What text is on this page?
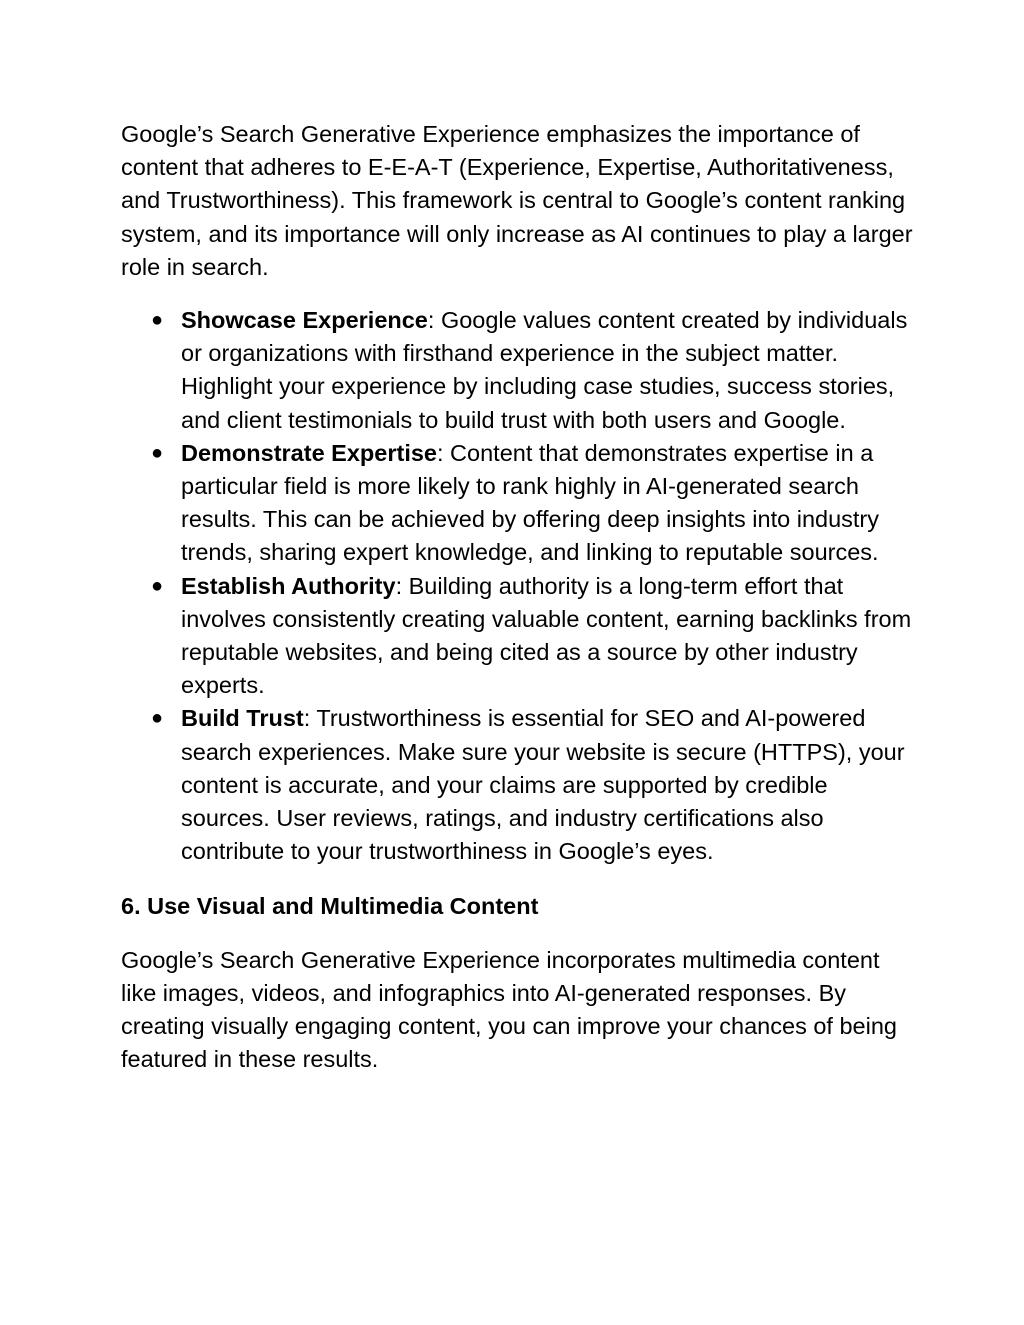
Google’s Search Generative Experience emphasizes the importance of content that adheres to E-E-A-T (Experience, Expertise, Authoritativeness, and Trustworthiness). This framework is central to Google’s content ranking system, and its importance will only increase as AI continues to play a larger role in search.

● Showcase Experience: Google values content created by individuals or organizations with firsthand experience in the subject matter. Highlight your experience by including case studies, success stories, and client testimonials to build trust with both users and Google.
● Demonstrate Expertise: Content that demonstrates expertise in a particular field is more likely to rank highly in AI-generated search results. This can be achieved by offering deep insights into industry trends, sharing expert knowledge, and linking to reputable sources.
● Establish Authority: Building authority is a long-term effort that involves consistently creating valuable content, earning backlinks from reputable websites, and being cited as a source by other industry experts.
● Build Trust: Trustworthiness is essential for SEO and AI-powered search experiences. Make sure your website is secure (HTTPS), your content is accurate, and your claims are supported by credible sources. User reviews, ratings, and industry certifications also contribute to your trustworthiness in Google’s eyes.
6. Use Visual and Multimedia Content

Google’s Search Generative Experience incorporates multimedia content like images, videos, and infographics into AI-generated responses. By creating visually engaging content, you can improve your chances of being featured in these results.
